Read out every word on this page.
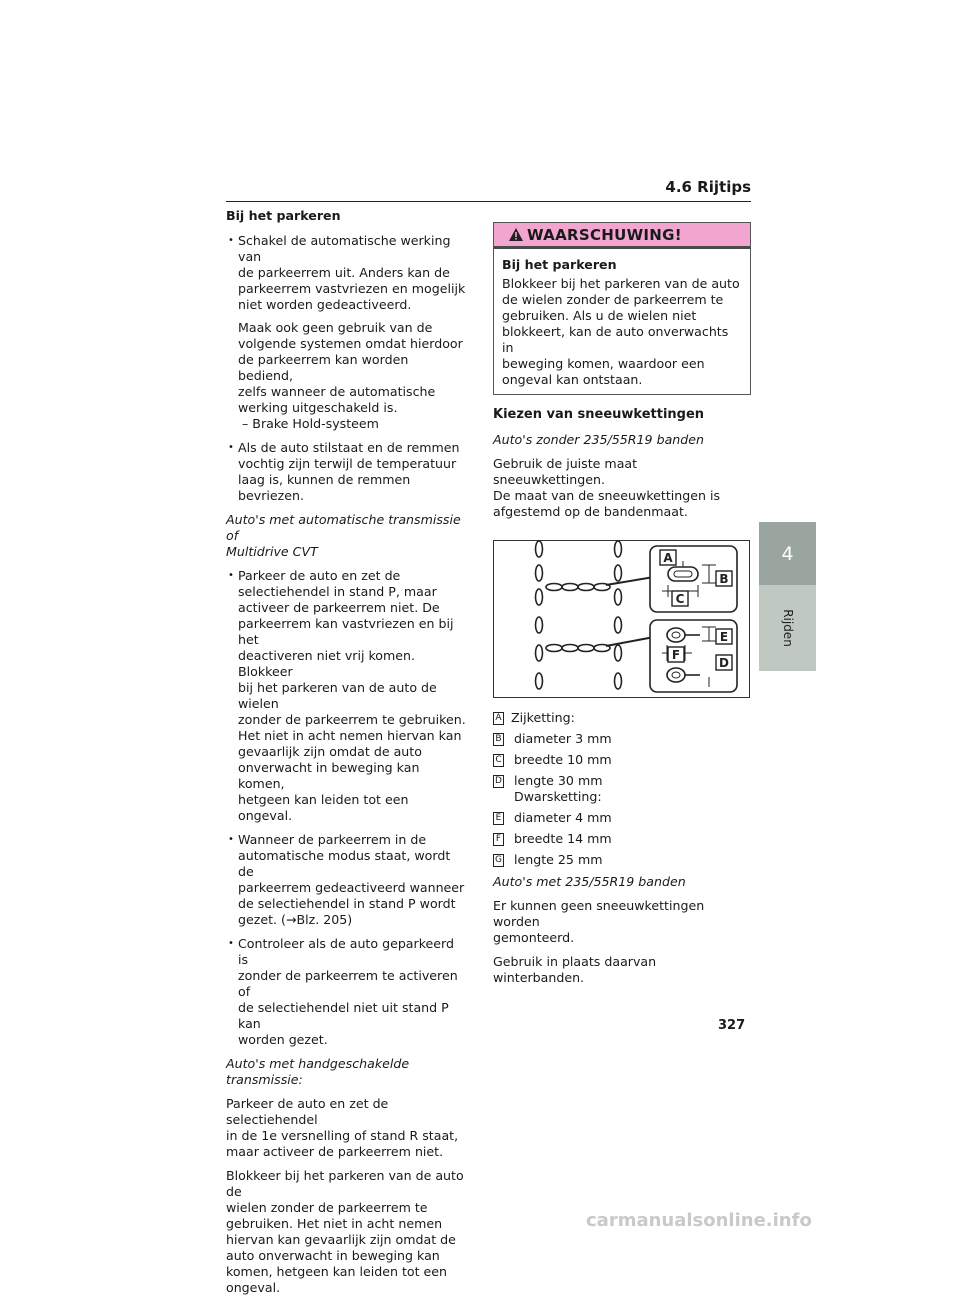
4.6 Rijtips
Bij het parkeren
• Schakel de automatische werking van
de parkeerrem uit. Anders kan de
parkeerrem vastvriezen en mogelijk
niet worden gedeactiveerd.
Maak ook geen gebruik van de
volgende systemen omdat hierdoor
de parkeerrem kan worden bediend,
zelfs wanneer de automatische
werking uitgeschakeld is.
– Brake Hold-systeem
• Als de auto stilstaat en de remmen
vochtig zijn terwijl de temperatuur
laag is, kunnen de remmen bevriezen.
Auto's met automatische transmissie of
Multidrive CVT
• Parkeer de auto en zet de
selectiehendel in stand P, maar
activeer de parkeerrem niet. De
parkeerrem kan vastvriezen en bij het
deactiveren niet vrij komen. Blokkeer
bij het parkeren van de auto de wielen
zonder de parkeerrem te gebruiken.
Het niet in acht nemen hiervan kan
gevaarlijk zijn omdat de auto
onverwacht in beweging kan komen,
hetgeen kan leiden tot een ongeval.
• Wanneer de parkeerrem in de
automatische modus staat, wordt de
parkeerrem gedeactiveerd wanneer
de selectiehendel in stand P wordt
gezet. (→Blz. 205)
• Controleer als de auto geparkeerd is
zonder de parkeerrem te activeren of
de selectiehendel niet uit stand P kan
worden gezet.
Auto's met handgeschakelde transmissie:
Parkeer de auto en zet de selectiehendel
in de 1e versnelling of stand R staat,
maar activeer de parkeerrem niet.
Blokkeer bij het parkeren van de auto de
wielen zonder de parkeerrem te
gebruiken. Het niet in acht nemen
hiervan kan gevaarlijk zijn omdat de
auto onverwacht in beweging kan
komen, hetgeen kan leiden tot een
ongeval.
WAARSCHUWING!
Bij het parkeren
Blokkeer bij het parkeren van de auto
de wielen zonder de parkeerrem te
gebruiken. Als u de wielen niet
blokkeert, kan de auto onverwachts in
beweging komen, waardoor een
ongeval kan ontstaan.
Kiezen van sneeuwkettingen
Auto's zonder 235/55R19 banden
Gebruik de juiste maat sneeuwkettingen.
De maat van de sneeuwkettingen is
afgestemd op de bandenmaat.
A
B
C
E
F
D
A Zijketting:
B diameter 3 mm
C breedte 10 mm
D lengte 30 mm
Dwarsketting:
E diameter 4 mm
F breedte 14 mm
G lengte 25 mm
Auto's met 235/55R19 banden
Er kunnen geen sneeuwkettingen worden
gemonteerd.
Gebruik in plaats daarvan winterbanden.
327
4
Rijden
carmanualsonline.info
